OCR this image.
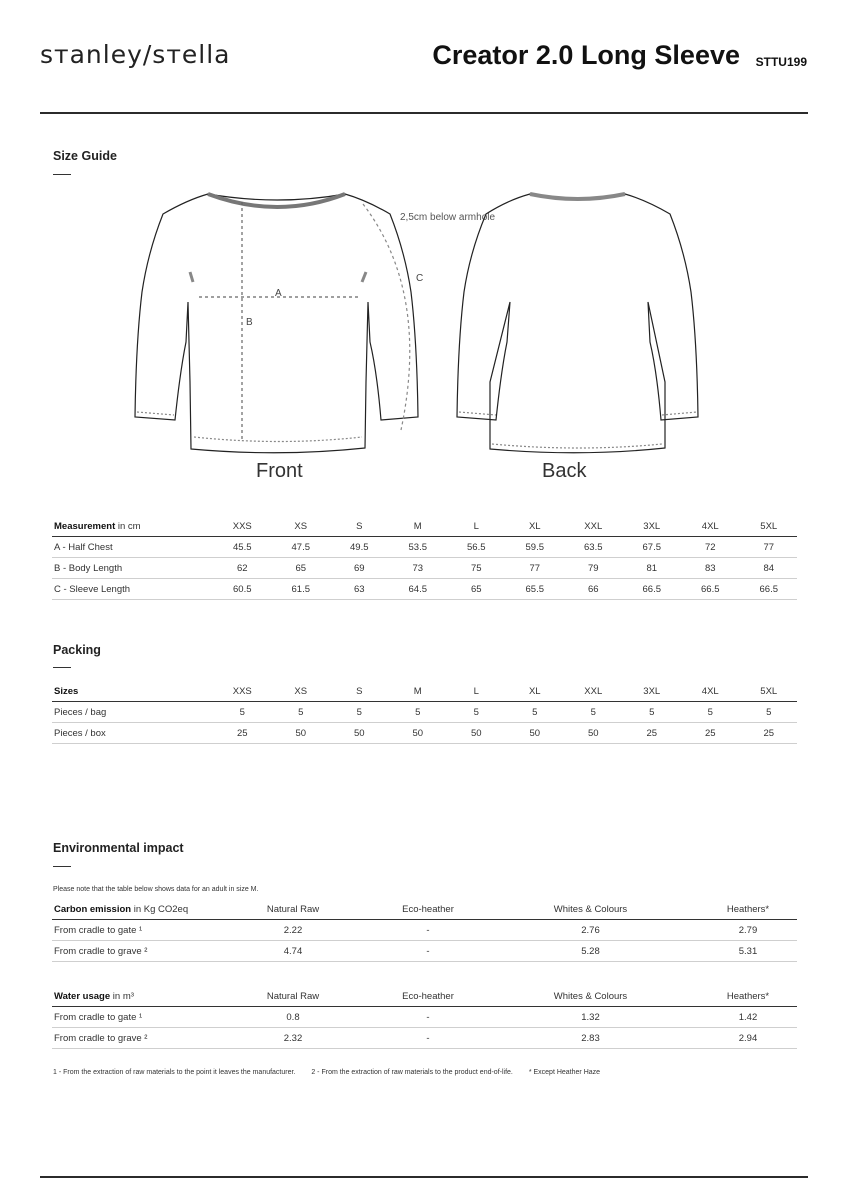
sтanley/sтella	Creator 2.0 Long Sleeve STTU199
Size Guide
A
B
C
2,5cm below armhole
Front	Back
Measurement in cm	XXS	XS	S	M	L	XL	XXL	3XL	4XL	5XL
A - Half Chest	45.5	47.5	49.5	53.5	56.5	59.5	63.5	67.5	72	77
B - Body Length	62	65	69	73	75	77	79	81	83	84
C - Sleeve Length	60.5	61.5	63	64.5	65	65.5	66	66.5	66.5	66.5
Packing
Sizes	XXS	XS	S	M	L	XL	XXL	3XL	4XL	5XL
Pieces / bag	5	5	5	5	5	5	5	5	5	5
Pieces / box	25	50	50	50	50	50	50	25	25	25
Environmental impact
Please note that the table below shows data for an adult in size M.
Carbon emission in Kg CO2eq	Natural Raw	Eco-heather	Whites & Colours	Heathers*
From cradle to gate ¹	2.22	-	2.76	2.79
From cradle to grave ²	4.74	-	5.28	5.31
Water usage in m³	Natural Raw	Eco-heather	Whites & Colours	Heathers*
From cradle to gate ¹	0.8	-	1.32	1.42
From cradle to grave ²	2.32	-	2.83	2.94
1 - From the extraction of raw materials to the point it leaves the manufacturer. 2 - From the extraction of raw materials to the product end-of-life. * Except Heather Haze
